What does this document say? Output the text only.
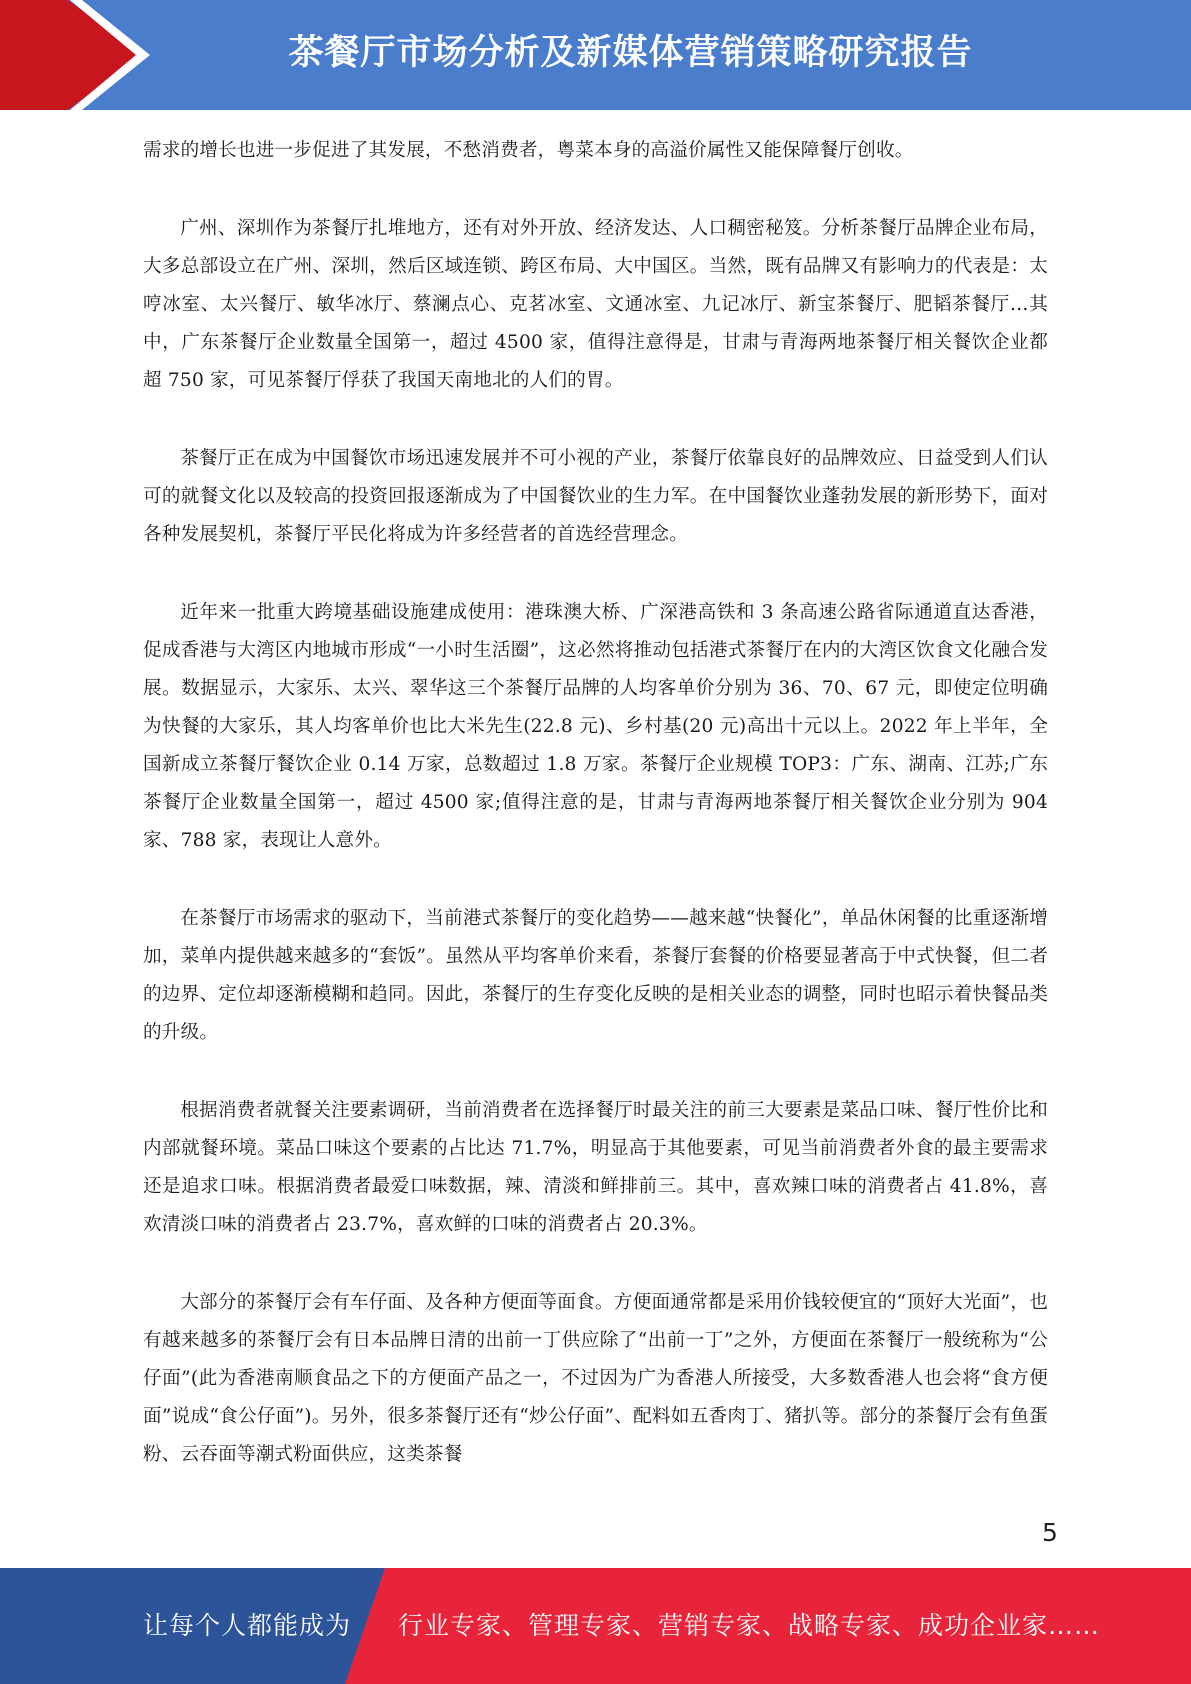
茶餐厅市场分析及新媒体营销策略研究报告

需求的增长也进一步促进了其发展，不愁消费者，粤菜本身的高溢价属性又能保障餐厅创收。

广州、深圳作为茶餐厅扎堆地方，还有对外开放、经济发达、人口稠密秘笈。分析茶餐厅品牌企业布局，大多总部设立在广州、深圳，然后区域连锁、跨区布局、大中国区。当然，既有品牌又有影响力的代表是：太哼冰室、太兴餐厅、敏华冰厅、蔡澜点心、克茗冰室、文通冰室、九记冰厅、新宝茶餐厅、肥韬茶餐厅…其中，广东茶餐厅企业数量全国第一，超过 4500 家，值得注意得是，甘肃与青海两地茶餐厅相关餐饮企业都超 750 家，可见茶餐厅俘获了我国天南地北的人们的胃。

茶餐厅正在成为中国餐饮市场迅速发展并不可小视的产业，茶餐厅依靠良好的品牌效应、日益受到人们认可的就餐文化以及较高的投资回报逐渐成为了中国餐饮业的生力军。在中国餐饮业蓬勃发展的新形势下，面对各种发展契机，茶餐厅平民化将成为许多经营者的首选经营理念。

近年来一批重大跨境基础设施建成使用：港珠澳大桥、广深港高铁和 3 条高速公路省际通道直达香港，促成香港与大湾区内地城市形成“一小时生活圈”，这必然将推动包括港式茶餐厅在内的大湾区饮食文化融合发展。数据显示，大家乐、太兴、翠华这三个茶餐厅品牌的人均客单价分别为 36、70、67 元，即使定位明确为快餐的大家乐，其人均客单价也比大米先生(22.8 元)、乡村基(20 元)高出十元以上。2022 年上半年，全国新成立茶餐厅餐饮企业 0.14 万家，总数超过 1.8 万家。茶餐厅企业规模 TOP3：广东、湖南、江苏;广东茶餐厅企业数量全国第一，超过 4500 家;值得注意的是，甘肃与青海两地茶餐厅相关餐饮企业分别为 904 家、788 家，表现让人意外。

在茶餐厅市场需求的驱动下，当前港式茶餐厅的变化趋势——越来越“快餐化”，单品休闲餐的比重逐渐增加，菜单内提供越来越多的“套饭”。虽然从平均客单价来看，茶餐厅套餐的价格要显著高于中式快餐，但二者的边界、定位却逐渐模糊和趋同。因此，茶餐厅的生存变化反映的是相关业态的调整，同时也昭示着快餐品类的升级。

根据消费者就餐关注要素调研，当前消费者在选择餐厅时最关注的前三大要素是菜品口味、餐厅性价比和内部就餐环境。菜品口味这个要素的占比达 71.7%，明显高于其他要素，可见当前消费者外食的最主要需求还是追求口味。根据消费者最爱口味数据，辣、清淡和鲜排前三。其中，喜欢辣口味的消费者占 41.8%，喜欢清淡口味的消费者占 23.7%，喜欢鲜的口味的消费者占 20.3%。

大部分的茶餐厅会有车仔面、及各种方便面等面食。方便面通常都是采用价钱较便宜的“顶好大光面”，也有越来越多的茶餐厅会有日本品牌日清的出前一丁供应除了“出前一丁”之外，方便面在茶餐厅一般统称为“公仔面”(此为香港南顺食品之下的方便面产品之一，不过因为广为香港人所接受，大多数香港人也会将“食方便面”说成“食公仔面”)。另外，很多茶餐厅还有“炒公仔面”、配料如五香肉丁、猪扒等。部分的茶餐厅会有鱼蛋粉、云吞面等潮式粉面供应，这类茶餐

5
让每个人都能成为 行业专家、管理专家、营销专家、战略专家、成功企业家……
